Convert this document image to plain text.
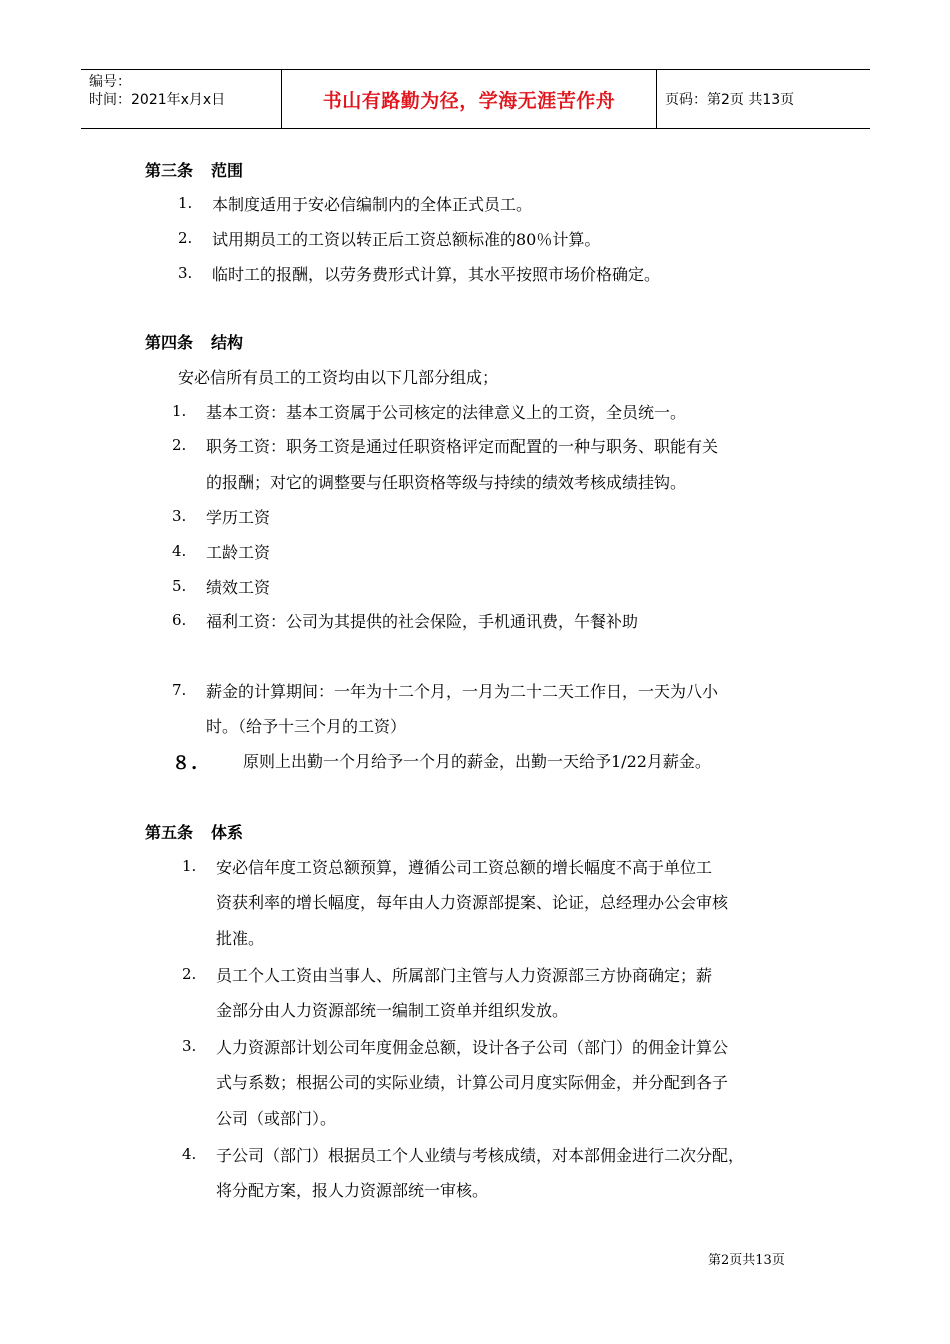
编号：
时间：2021年x月x日	书山有路勤为径，学海无涯苦作舟	页码：第2页 共13页
第三条 范围
1. 本制度适用于安必信编制内的全体正式员工。
2. 试用期员工的工资以转正后工资总额标准的80％计算。
3. 临时工的报酬，以劳务费形式计算，其水平按照市场价格确定。
第四条 结构
安必信所有员工的工资均由以下几部分组成；
1. 基本工资：基本工资属于公司核定的法律意义上的工资，全员统一。
2. 职务工资：职务工资是通过任职资格评定而配置的一种与职务、职能有关
的报酬；对它的调整要与任职资格等级与持续的绩效考核成绩挂钩。
3. 学历工资
4. 工龄工资
5. 绩效工资
6. 福利工资：公司为其提供的社会保险，手机通讯费，午餐补助
7. 薪金的计算期间：一年为十二个月，一月为二十二天工作日，一天为八小
时。（给予十三个月的工资）
８.	原则上出勤一个月给予一个月的薪金，出勤一天给予1/22月薪金。
第五条 体系
1. 安必信年度工资总额预算，遵循公司工资总额的增长幅度不高于单位工
资获利率的增长幅度，每年由人力资源部提案、论证，总经理办公会审核
批准。
2. 员工个人工资由当事人、所属部门主管与人力资源部三方协商确定；薪
金部分由人力资源部统一编制工资单并组织发放。
3. 人力资源部计划公司年度佣金总额，设计各子公司（部门）的佣金计算公
式与系数；根据公司的实际业绩，计算公司月度实际佣金，并分配到各子
公司（或部门）。
4. 子公司（部门）根据员工个人业绩与考核成绩，对本部佣金进行二次分配，
将分配方案，报人力资源部统一审核。
第2页共13页
